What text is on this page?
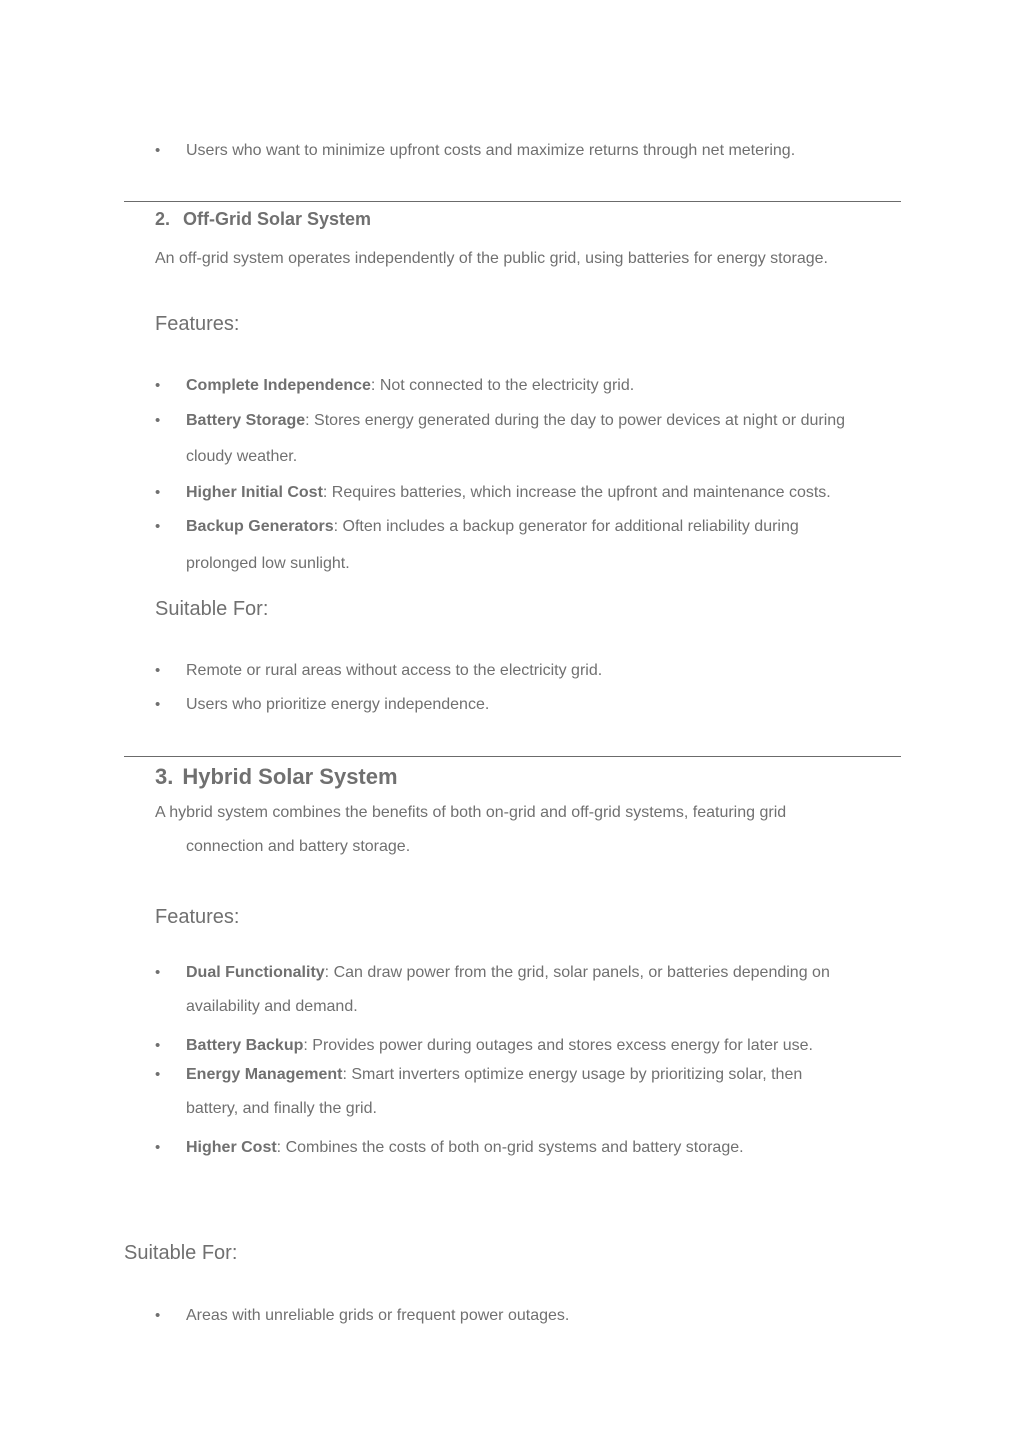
• Users who want to minimize upfront costs and maximize returns through net metering.
2. Off-Grid Solar System
An off-grid system operates independently of the public grid, using batteries for energy storage.
Features:
• Complete Independence: Not connected to the electricity grid.
• Battery Storage: Stores energy generated during the day to power devices at night or during
cloudy weather.
• Higher Initial Cost: Requires batteries, which increase the upfront and maintenance costs.
• Backup Generators: Often includes a backup generator for additional reliability during
prolonged low sunlight.
Suitable For:
• Remote or rural areas without access to the electricity grid.
• Users who prioritize energy independence.
3. Hybrid Solar System
A hybrid system combines the benefits of both on-grid and off-grid systems, featuring grid
connection and battery storage.
Features:
• Dual Functionality: Can draw power from the grid, solar panels, or batteries depending on
availability and demand.
• Battery Backup: Provides power during outages and stores excess energy for later use.
• Energy Management: Smart inverters optimize energy usage by prioritizing solar, then
battery, and finally the grid.
• Higher Cost: Combines the costs of both on-grid systems and battery storage.
Suitable For:
• Areas with unreliable grids or frequent power outages.
